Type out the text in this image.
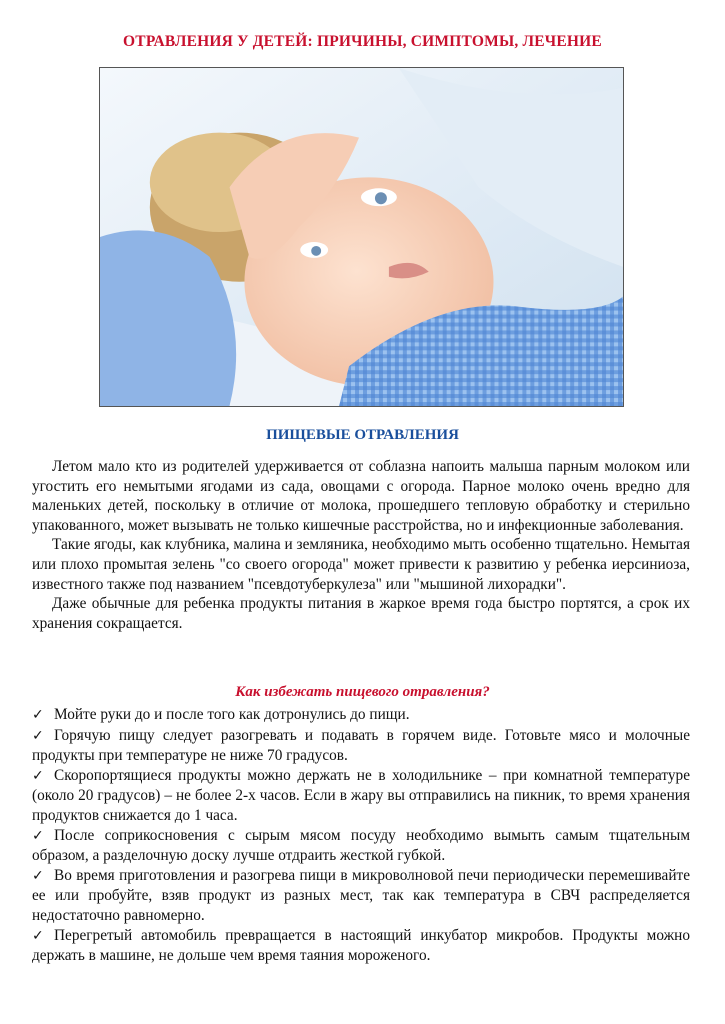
ОТРАВЛЕНИЯ У ДЕТЕЙ: ПРИЧИНЫ, СИМПТОМЫ, ЛЕЧЕНИЕ
ПИЩЕВЫЕ ОТРАВЛЕНИЯ

Летом мало кто из родителей удерживается от соблазна напоить малыша парным молоком или угостить его немытыми ягодами из сада, овощами с огорода. Парное молоко очень вредно для маленьких детей, поскольку в отличие от молока, прошедшего тепловую обработку и стерильно упакованного, может вызывать не только кишечные расстройства, но и инфекционные заболевания.

Такие ягоды, как клубника, малина и земляника, необходимо мыть особенно тщательно. Немытая или плохо промытая зелень "со своего огорода" может привести к развитию у ребенка иерсиниоза, известного также под названием "псевдотуберкулеза" или "мышиной лихорадки".

Даже обычные для ребенка продукты питания в жаркое время года быстро портятся, а срок их хранения сокращается.

Как избежать пищевого отравления?
✓ Мойте руки до и после того как дотронулись до пищи.
✓ Горячую пищу следует разогревать и подавать в горячем виде. Готовьте мясо и молочные продукты при температуре не ниже 70 градусов.
✓ Скоропортящиеся продукты можно держать не в холодильнике – при комнатной температуре (около 20 градусов) – не более 2-х часов. Если в жару вы отправились на пикник, то время хранения продуктов снижается до 1 часа.
✓ После соприкосновения с сырым мясом посуду необходимо вымыть самым тщательным образом, а разделочную доску лучше отдраить жесткой губкой.
✓ Во время приготовления и разогрева пищи в микроволновой печи периодически перемешивайте ее или пробуйте, взяв продукт из разных мест, так как температура в СВЧ распределяется недостаточно равномерно.
✓ Перегретый автомобиль превращается в настоящий инкубатор микробов. Продукты можно держать в машине, не дольше чем время таяния мороженого.
